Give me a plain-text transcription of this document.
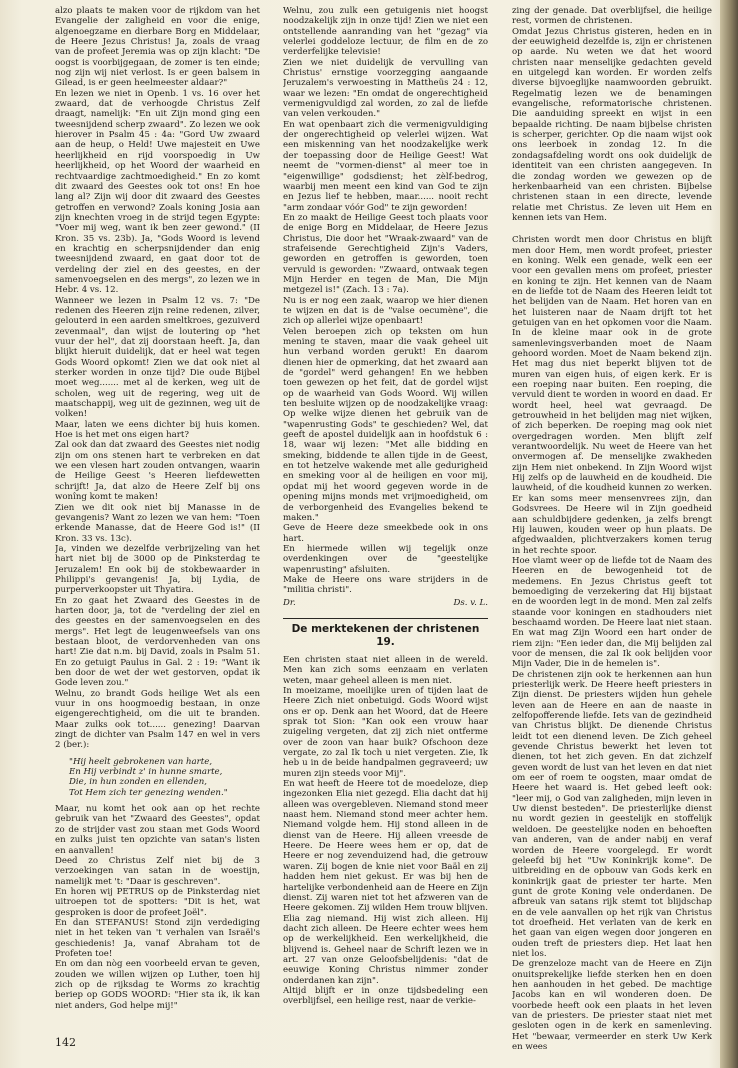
alzo plaats te maken voor de rijkdom van het Evangelie der zaligheid en voor die enige, algenoegzame en dierbare Borg en Middelaar, de Heere Jezus Christus! Ja, zoals de vraag van de profeet Jeremia was op zijn klacht: "De oogst is voorbijgegaan, de zomer is ten einde; nog zijn wij niet verlost. Is er geen balsem in Gilead, is er geen heelmeester aldaar?"

En lezen we niet in Openb. 1 vs. 16 over het zwaard, dat de verhoogde Christus Zelf draagt, namelijk: "En uit Zijn mond ging een tweesnijdend scherp zwaard". Zo lezen we ook hierover in Psalm 45 : 4a: "Gord Uw zwaard aan de heup, o Held! Uwe majesteit en Uwe heerlijkheid en rijd voorspoedig in Uw heerlijkheid, op het Woord der waarheid en rechtvaardige zachtmoedigheid." En zo komt dit zwaard des Geestes ook tot ons! En hoe lang al? Zijn wij door dit zwaard des Geestes getroffen en verwond? Zoals koning Josia aan zijn knechten vroeg in de strijd tegen Egypte: "Voer mij weg, want ik ben zeer gewond." (II Kron. 35 vs. 23b). Ja, "Gods Woord is levend en krachtig en scherpsnijdender dan enig tweesnijdend zwaard, en gaat door tot de verdeling der ziel en des geestes, en der samenvoegselen en des mergs", zo lezen we in Hebr. 4 vs. 12.

Wanneer we lezen in Psalm 12 vs. 7: "De redenen des Heeren zijn reine redenen, zilver, gelouterd in een aarden smeltkroes, gezuiverd zevenmaal", dan wijst de loutering op "het vuur der hel", dat zij doorstaan heeft. Ja, dan blijkt hieruit duidelijk, dat er heel wat tegen Gods Woord opkomt! Zien we dat ook niet al sterker worden in onze tijd? Die oude Bijbel moet weg....... met al de kerken, weg uit de scholen, weg uit de regering, weg uit de maatschappij, weg uit de gezinnen, weg uit de volken!

Maar, laten we eens dichter bij huis komen. Hoe is het met ons eigen hart?

Zal ook dan dat zwaard des Geestes niet nodig zijn om ons stenen hart te verbreken en dat we een vlesen hart zouden ontvangen, waarin de Heilige Geest 's Heeren liefdewetten schrijft! Ja, dat alzo de Heere Zelf bij ons wonîng komt te maken!

Zien we dit ook niet bij Manasse in de gevangenis? Want zo lezen we van hem: "Toen erkende Manasse, dat de Heere God is!" (II Kron. 33 vs. 13c).

Ja, vinden we dezelfde verbrijzeling van het hart niet bij de 3000 op de Pinksterdag te Jeruzalem! En ook bij de stokbewaarder in Philippi's gevangenis! Ja, bij Lydia, de purperverkoopster uit Thyatira.

En zo gaat het Zwaard des Geestes in de harten door, ja, tot de "verdeling der ziel en des geestes en der samenvoegselen en des mergs". Het legt de leugenweefsels van ons bestaan bloot, de verdorvenheden van ons hart! Zie dat n.m. bij David, zoals in Psalm 51. En zo getuigt Paulus in Gal. 2 : 19: "Want ik ben door de wet der wet gestorven, opdat ik Gode leven zou."

Welnu, zo brandt Gods heilige Wet als een vuur in ons hoogmoedig bestaan, in onze eigengerechtigheid, om die uit te branden. Maar zulks ook tot...... genezing! Daarvan zingt de dichter van Psalm 147 en wel in vers 2 (ber.):

"Hij heelt gebrokenen van harte,
En Hij verbindt z' in hunne smarte,
Die, in hun zonden en ellenden,
Tot Hem zich ter genezing wenden."

Maar, nu komt het ook aan op het rechte gebruik van het "Zwaard des Geestes", opdat zo de strijder vast zou staan met Gods Woord en zulks juist ten opzichte van satan's listen en aanvallen!

Deed zo Christus Zelf niet bij de 3 verzoekingen van satan in de woestijn, namelijk met 't: "Daar is geschreven".

En horen wij PETRUS op de Pinksterdag niet uitroepen tot de spotters: "Dit is het, wat gesproken is door de profeet Joël".

En dan STEFANUS! Stond zijn verdediging niet in het teken van 't verhalen van Israël's geschiedenis! Ja, vanaf Abraham tot de Profeten toe!

En om dan nòg een voorbeeld ervan te geven, zouden we willen wijzen op Luther, toen hij zich op de rijksdag te Worms zo krachtig beriep op GODS WOORD: "Hier sta ik, ik kan niet anders, God helpe mij!"

Welnu, zou zulk een getuigenis niet hoogst noodzakelijk zijn in onze tijd! Zien we niet een ontstellende aanranding van het "gezag" via velerlei goddeloze lectuur, de film en de zo verderfelijke televisie!

Zien we niet duidelijk de vervulling van Christus' ernstige voorzegging aangaande Jeruzalem's verwoesting in Mattheüs 24 : 12, waar we lezen: "En omdat de ongerechtigheid vermenigvuldigd zal worden, zo zal de liefde van velen verkouden."

En wat openbaart zich die vermenigvuldiging der ongerechtigheid op velerlei wijzen. Wat een miskenning van het noodzakelijke werk der toepassing door de Heilige Geest! Wat neemt de "vormen-dienst" al meer toe in "eigenwillige" godsdienst; het zèlf-bedrog, waarbij men meent een kind van God te zijn en Jezus lief te hebben, maar...... nooit recht "arm zondaar vóór God" te zijn geworden!

En zo maakt de Heilige Geest toch plaats voor de enige Borg en Middelaar, de Heere Jezus Christus, Die door het "Wraak-zwaard" van de strafeisende Gerechtigheid Zijn's Vaders, geworden en getroffen is geworden, toen vervuld is geworden: "Zwaard, ontwaak tegen Mijn Herder en tegen de Man, Die Mijn metgezel is!" (Zach. 13 : 7a).

Nu is er nog een zaak, waarop we hier dienen te wijzen en dat is de "valse oecumène", die zich op allerlei wijze openbaart!

Velen beroepen zich op teksten om hun mening te staven, maar die vaak geheel uit hun verband worden gerukt! En daarom dienen hier de opmerking, dat het zwaard aan de "gordel" werd gehangen! En we hebben toen gewezen op het feit, dat de gordel wijst op de waarheid van Gods Woord. Wij willen ten besluite wijzen op de noodzakelijke vraag: Op welke wijze dienen het gebruik van de "wapenrusting Gods" te geschieden? Wel, dat geeft de apostel duidelijk aan in hoofdstuk 6 : 18, waar wij lezen: "Met alle bidding en smeking, biddende te allen tijde in de Geest, en tot hetzelve wakende met alle gedurigheid en smeking voor al de heiligen en voor mij, opdat mij het woord gegeven worde in de opening mijns monds met vrijmoedigheid, om de verborgenheid des Evangelies bekend te maken."

Geve de Heere deze smeekbede ook in ons hart.

En hiermede willen wij tegelijk onze overdenkingen over de "geestelijke wapenrusting" afsluiten.

Make de Heere ons ware strijders in de "militia christi".

Dr.	Ds. v. L.
De merktekenen der christenen
19.

Een christen staat niet alleen in de wereld. Men kan zich soms eenzaam en verlaten weten, maar geheel alleen is men niet.

In moeizame, moeilijke uren of tijden laat de Heere Zich niet onbetuigd. Gods Woord wijst ons er op. Denk aan het Woord, dat de Heere sprak tot Sion: "Kan ook een vrouw haar zuigeling vergeten, dat zij zich niet ontferme over de zoon van haar buik? Ofschoon deze vergate, zo zal Ik toch u niet vergeten. Zie, Ik heb u in de beide handpalmen gegraveerd; uw muren zijn steeds voor Mij".

En wat heeft de Heere tot de moedeloze, diep ingezonken Elia niet gezegd. Elia dacht dat hij alleen was overgebleven. Niemand stond meer naast hem. Niemand stond meer achter hem. Niemand volgde hem. Hij stond alleen in de dienst van de Heere. Hij alleen vreesde de Heere. De Heere wees hem er op, dat de Heere er nog zevenduizend had, die getrouw waren. Zij bogen de knie niet voor Baäl en zij hadden hem niet gekust. Er was bij hen de hartelijke verbondenheid aan de Heere en Zijn dienst. Zij waren niet tot het afzweren van de Heere gekomen. Zij wilden Hem trouw blijven. Elia zag niemand. Hij wist zich alleen. Hij dacht zich alleen. De Heere echter wees hem op de werkelijkheid. Een werkelijkheid, die blijvend is. Geheel naar de Schrift lezen we in art. 27 van onze Geloofsbelijdenis: "dat de eeuwige Koning Christus nimmer zonder onderdanen kan zijn".

Altijd blijft er in onze tijdsbedeling een overblijfsel, een heilige rest, naar de verkie-

zing der genade. Dat overblijfsel, die heilige rest, vormen de christenen.

Omdat Jezus Christus gisteren, heden en in der eeuwigheid dezelfde is, zijn er christenen op aarde. Nu weten we dat het woord christen naar menselijke gedachten geveld en uitgelegd kan worden. Er worden zelfs diverse bijvoeglijke naamwoorden gebruikt. Regelmatig lezen we de benamingen evangelische, reformatorische christenen. Die aanduiding spreekt en wijst in een bepaalde richting. De naam bijbelse christen is scherper, gerichter. Op die naam wijst ook ons leerboek in zondag 12. In die zondagsafdeling wordt ons ook duidelijk de identiteit van een christen aangegeven. In die zondag worden we gewezen op de herkenbaarheid van een christen. Bijbelse christenen staan in een directe, levende relatie met Christus. Ze leven uit Hem en kennen iets van Hem.

Christen wordt men door Christus en blijft men door Hem, men wordt profeet, priester en koning. Welk een genade, welk een eer voor een gevallen mens om profeet, priester en koning te zijn. Het kennen van de Naam en de liefde tot de Naam des Heeren leidt tot het belijden van de Naam. Het horen van en het luisteren naar de Naam drijft tot het getuigen van en het opkomen voor die Naam. In de kleine maar ook in de grote samenlevingsverbanden moet de Naam gehoord worden. Moet de Naam bekend zijn. Het mag dus niet beperkt blijven tot de muren van eigen huis, of eigen kerk. Er is een roeping naar buiten. Een roeping, die vervuld dient te worden in woord en daad. Er wordt heel, heel wat gevraagd. De getrouwheid in het belijden mag niet wijken, of zich beperken. De roeping mag ook niet overgedragen worden. Men blijft zelf verantwoordelijk. Nu weet de Heere van het onvermogen af. De menselijke zwakheden zijn Hem niet onbekend. In Zijn Woord wijst Hij zelfs op de lauwheid en de koudheid. Die lauwheid, of die koudheid kunnen zo werken. Er kan soms meer mensenvrees zijn, dan Godsvrees. De Heere wil in Zijn goedheid aan schuldbijdere gedenken, ja zelfs brengt Hij lauwen, kouden weer op hun plaats. De afgedwaalden, plichtverzakers komen terug in het rechte spoor.

Hoe vlamt weer op de liefde tot de Naam des Heeren en de bewogenheid tot de medemens. En Jezus Christus geeft tot bemoediging de verzekering dat Hij bijstaat en de woorden legt in de mond. Men zal zelfs staande voor koningen en stadhouders niet beschaamd worden. De Heere laat niet staan. En wat mag Zijn Woord een hart onder de riem zijn: "Een ieder dan, die Mij belijden zal voor de mensen, die zal Ik ook belijden voor Mijn Vader, Die in de hemelen is".

De christenen zijn ook te herkennen aan hun priesterlijk werk. De Heere heeft priesters in Zijn dienst. De priesters wijden hun gehele leven aan de Heere en aan de naaste in zelfopofferende liefde. Iets van de gezindheid van Christus blijkt. De dienende Christus leidt tot een dienend leven. De Zich geheel gevende Christus bewerkt het leven tot dienen, tot het zich geven. En dat zichzelf geven wordt de lust van het leven en dat niet om eer of roem te oogsten, maar omdat de Heere het waard is. Het gebed leeft ook: "leer mij, o God van zaligheden, mijn leven in Uw dienst besteden". De priesterlijke dienst nu wordt gezien in geestelijk en stoffelijk weldoen. De geestelijke noden en behoeften van anderen, van de ander nabij en veraf worden de Heere voorgelegd. Er wordt geleefd bij het "Uw Koninkrijk kome". De uitbreiding en de opbouw van Gods kerk en koninkrijk gaat de priester ter harte. Men gunt de grote Koning vele onderdanen. De afbreuk van satans rijk stemt tot blijdschap en de vele aanvallen op het rijk van Christus tot droefheid. Het verlaten van de kerk en het gaan van eigen wegen door jongeren en ouden treft de priesters diep. Het laat hen niet los.

De grenzeloze macht van de Heere en Zijn onuitsprekelijke liefde sterken hen en doen hen aanhouden in het gebed. De machtige Jacobs kan en wil wonderen doen. De voorbede heeft ook een plaats in het leven van de priesters. De priester staat niet met gesloten ogen in de kerk en samenleving. Het "bewaar, vermeerder en sterk Uw Kerk en wees

142
